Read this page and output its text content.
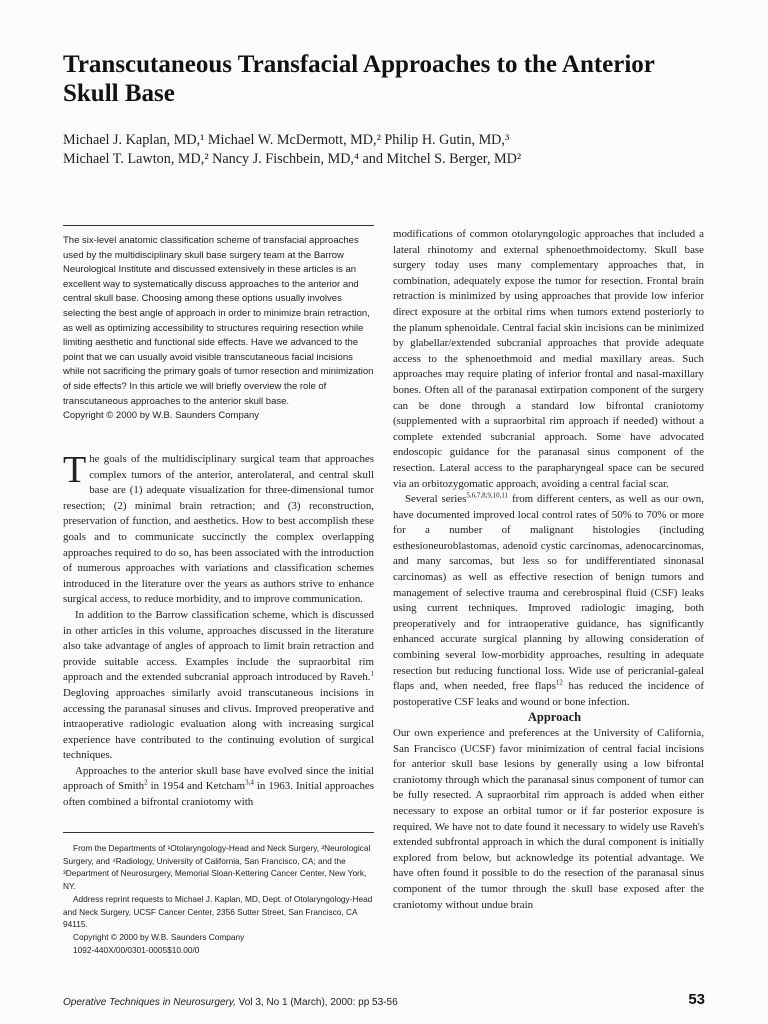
Transcutaneous Transfacial Approaches to the Anterior Skull Base
Michael J. Kaplan, MD,¹ Michael W. McDermott, MD,² Philip H. Gutin, MD,³
Michael T. Lawton, MD,² Nancy J. Fischbein, MD,⁴ and Mitchel S. Berger, MD²
The six-level anatomic classification scheme of transfacial approaches used by the multidisciplinary skull base surgery team at the Barrow Neurological Institute and discussed extensively in these articles is an excellent way to systematically discuss approaches to the anterior and central skull base. Choosing among these options usually involves selecting the best angle of approach in order to minimize brain retraction, as well as optimizing accessibility to structures requiring resection while limiting aesthetic and functional side effects. Have we advanced to the point that we can usually avoid visible transcutaneous facial incisions while not sacrificing the primary goals of tumor resection and minimization of side effects? In this article we will briefly overview the role of transcutaneous approaches to the anterior skull base.
Copyright © 2000 by W.B. Saunders Company

The goals of the multidisciplinary surgical team that approaches complex tumors of the anterior, anterolateral, and central skull base are (1) adequate visualization for three-dimensional tumor resection; (2) minimal brain retraction; and (3) reconstruction, preservation of function, and aesthetics. How to best accomplish these goals and to communicate succinctly the complex overlapping approaches required to do so, has been associated with the introduction of numerous approaches with variations and classification schemes introduced in the literature over the years as authors strive to enhance surgical access, to reduce morbidity, and to improve communication.

In addition to the Barrow classification scheme, which is discussed in other articles in this volume, approaches discussed in the literature also take advantage of angles of approach to limit brain retraction and provide suitable access. Examples include the supraorbital rim approach and the extended subcranial approach introduced by Raveh.$^1$ Degloving approaches similarly avoid transcutaneous incisions in accessing the paranasal sinuses and clivus. Improved preoperative and intraoperative radiologic evaluation along with increasing surgical experience have contributed to the continuing evolution of surgical techniques.

Approaches to the anterior skull base have evolved since the initial approach of Smith$^2$ in 1954 and Ketcham$^{3,4}$ in 1963. Initial approaches often combined a bifrontal craniotomy with

From the Departments of ¹Otolaryngology-Head and Neck Surgery, ²Neurological Surgery, and ⁴Radiology, University of California, San Francisco, CA; and the ³Department of Neurosurgery, Memorial Sloan-Kettering Cancer Center, New York, NY.

Address reprint requests to Michael J. Kaplan, MD, Dept. of Otolaryngology-Head and Neck Surgery, UCSF Cancer Center, 2356 Sutter Street, San Francisco, CA 94115.

Copyright © 2000 by W.B. Saunders Company

1092-440X/00/0301-0005$10.00/0

modifications of common otolaryngologic approaches that included a lateral rhinotomy and external sphenoethmoidectomy. Skull base surgery today uses many complementary approaches that, in combination, adequately expose the tumor for resection. Frontal brain retraction is minimized by using approaches that provide low inferior direct exposure at the orbital rims when tumors extend posteriorly to the planum sphenoidale. Central facial skin incisions can be minimized by glabellar/extended subcranial approaches that provide adequate access to the sphenoethmoid and medial maxillary areas. Such approaches may require plating of inferior frontal and nasal-maxillary bones. Often all of the paranasal extirpation component of the surgery can be done through a standard low bifrontal craniotomy (supplemented with a supraorbital rim approach if needed) without a complete extended subcranial approach. Some have advocated endoscopic guidance for the paranasal sinus component of the resection. Lateral access to the parapharyngeal space can be secured via an orbitozygomatic approach, avoiding a central facial scar.

Several series$^{5,6,7,8,9,10,11}$ from different centers, as well as our own, have documented improved local control rates of 50% to 70% or more for a number of malignant histologies (including esthesioneuroblastomas, adenoid cystic carcinomas, adenocarcinomas, and many sarcomas, but less so for undifferentiated sinonasal carcinomas) as well as effective resection of benign tumors and management of selective trauma and cerebrospinal fluid (CSF) leaks using current techniques. Improved radiologic imaging, both preoperatively and for intraoperative guidance, has significantly enhanced accurate surgical planning by allowing consideration of combining several low-morbidity approaches, resulting in adequate resection but reducing functional loss. Wide use of pericranial-galeal flaps and, when needed, free flaps$^{12}$ has reduced the incidence of postoperative CSF leaks and wound or bone infection.

Approach

Our own experience and preferences at the University of California, San Francisco (UCSF) favor minimization of central facial incisions for anterior skull base lesions by generally using a low bifrontal craniotomy through which the paranasal sinus component of tumor can be fully resected. A supraorbital rim approach is added when either necessary to expose an orbital tumor or if far posterior exposure is required. We have not to date found it necessary to widely use Raveh's extended subfrontal approach in which the dural component is initially explored from below, but acknowledge its potential advantage. We have often found it possible to do the resection of the paranasal sinus component of the tumor through the skull base exposed after the craniotomy without undue brain

Operative Techniques in Neurosurgery, Vol 3, No 1 (March), 2000: pp 53-56	53
